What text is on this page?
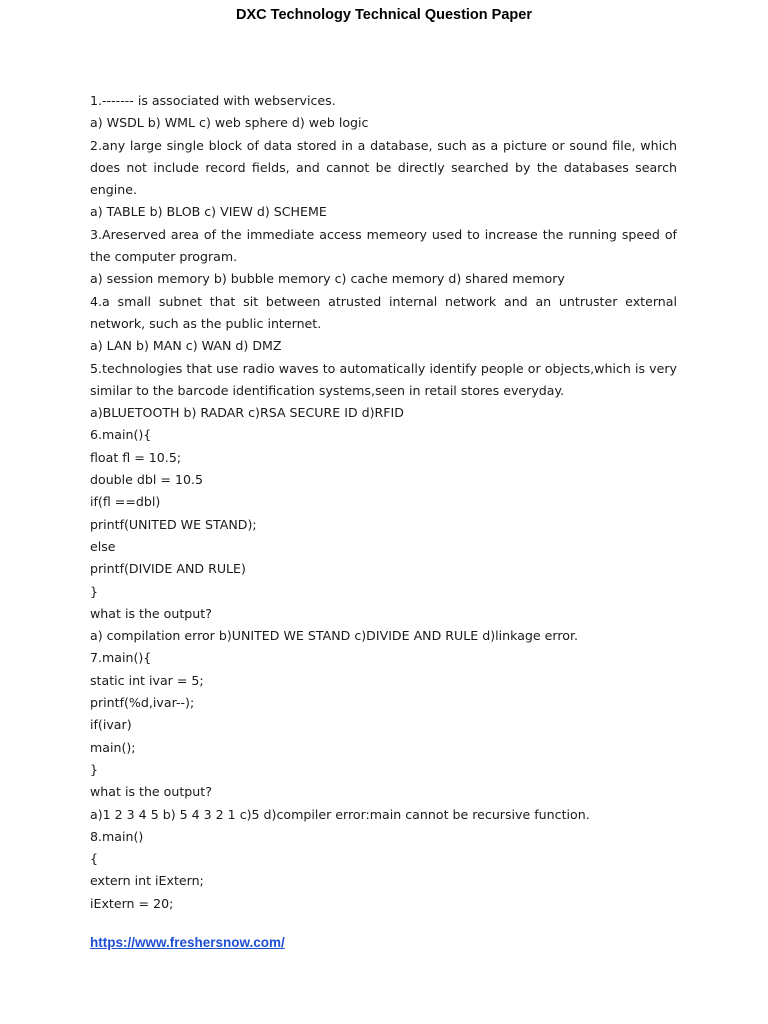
DXC Technology Technical Question Paper
1.------- is associated with webservices.
a) WSDL b) WML c) web sphere d) web logic
2.any large single block of data stored in a database, such as a picture or sound file, which does not include record fields, and cannot be directly searched by the databases search engine.
a) TABLE b) BLOB c) VIEW d) SCHEME
3.Areserved area of the immediate access memeory used to increase the running speed of the computer program.
a) session memory b) bubble memory c) cache memory d) shared memory
4.a small subnet that sit between atrusted internal network and an untruster external network, such as the public internet.
a) LAN b) MAN c) WAN d) DMZ
5.technologies that use radio waves to automatically identify people or objects,which is very similar to the barcode identification systems,seen in retail stores everyday.
a)BLUETOOTH b) RADAR c)RSA SECURE ID d)RFID
6.main(){
float fl = 10.5;
double dbl = 10.5
if(fl ==dbl)
printf(UNITED WE STAND);
else
printf(DIVIDE AND RULE)
}
what is the output?
a) compilation error b)UNITED WE STAND c)DIVIDE AND RULE d)linkage error.
7.main(){
static int ivar = 5;
printf(%d,ivar--);
if(ivar)
main();
}
what is the output?
a)1 2 3 4 5 b) 5 4 3 2 1 c)5 d)compiler error:main cannot be recursive function.
8.main()
{
extern int iExtern;
iExtern = 20;
https://www.freshersnow.com/
